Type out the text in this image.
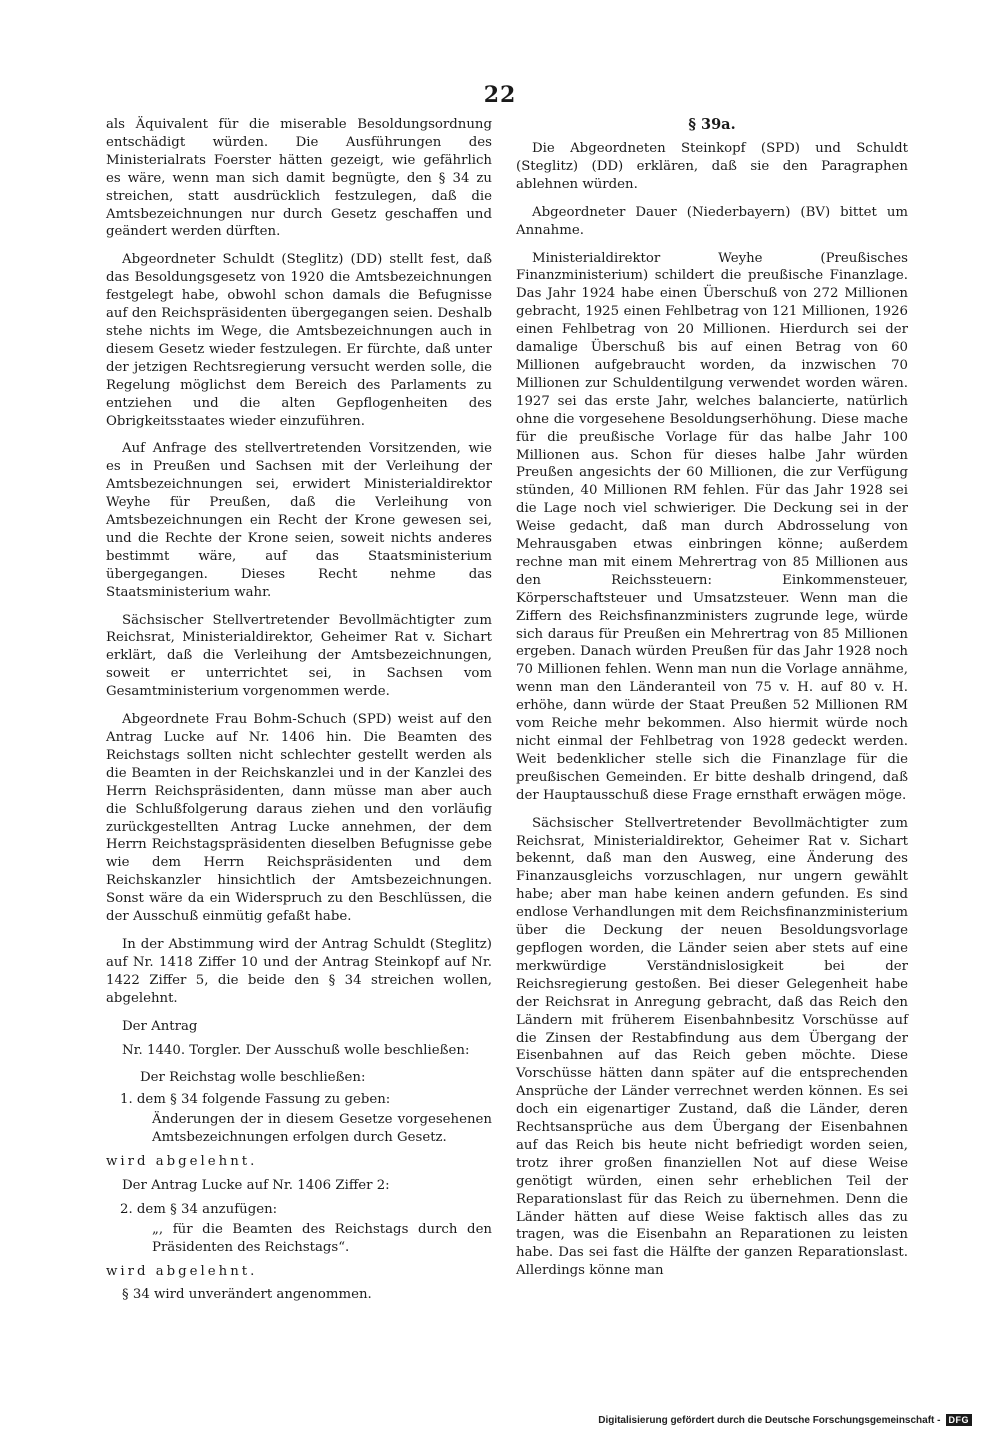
22

als Äquivalent für die miserable Besoldungsordnung entschädigt würden. Die Ausführungen des Ministerialrats Foerster hätten gezeigt, wie gefährlich es wäre, wenn man sich damit begnügte, den § 34 zu streichen, statt ausdrücklich festzulegen, daß die Amtsbezeichnungen nur durch Gesetz geschaffen und geändert werden dürften.

Abgeordneter Schuldt (Steglitz) (DD) stellt fest, daß das Besoldungsgesetz von 1920 die Amtsbezeichnungen festgelegt habe, obwohl schon damals die Befugnisse auf den Reichspräsidenten übergegangen seien. Deshalb stehe nichts im Wege, die Amtsbezeichnungen auch in diesem Gesetz wieder festzulegen. Er fürchte, daß unter der jetzigen Rechtsregierung versucht werden solle, die Regelung möglichst dem Bereich des Parlaments zu entziehen und die alten Gepflogenheiten des Obrigkeitsstaates wieder einzuführen.

Auf Anfrage des stellvertretenden Vorsitzenden, wie es in Preußen und Sachsen mit der Verleihung der Amtsbezeichnungen sei, erwidert Ministerialdirektor Weyhe für Preußen, daß die Verleihung von Amtsbezeichnungen ein Recht der Krone gewesen sei, und die Rechte der Krone seien, soweit nichts anderes bestimmt wäre, auf das Staatsministerium übergegangen. Dieses Recht nehme das Staatsministerium wahr.

Sächsischer Stellvertretender Bevollmächtigter zum Reichsrat, Ministerialdirektor, Geheimer Rat v. Sichart erklärt, daß die Verleihung der Amtsbezeichnungen, soweit er unterrichtet sei, in Sachsen vom Gesamtministerium vorgenommen werde.

Abgeordnete Frau Bohm-Schuch (SPD) weist auf den Antrag Lucke auf Nr. 1406 hin. Die Beamten des Reichstags sollten nicht schlechter gestellt werden als die Beamten in der Reichskanzlei und in der Kanzlei des Herrn Reichspräsidenten, dann müsse man aber auch die Schlußfolgerung daraus ziehen und den vorläufig zurückgestellten Antrag Lucke annehmen, der dem Herrn Reichstagspräsidenten dieselben Befugnisse gebe wie dem Herrn Reichspräsidenten und dem Reichskanzler hinsichtlich der Amtsbezeichnungen. Sonst wäre da ein Widerspruch zu den Beschlüssen, die der Ausschuß einmütig gefaßt habe.

In der Abstimmung wird der Antrag Schuldt (Steglitz) auf Nr. 1418 Ziffer 10 und der Antrag Steinkopf auf Nr. 1422 Ziffer 5, die beide den § 34 streichen wollen, abgelehnt.

Der Antrag

Nr. 1440. Torgler. Der Ausschuß wolle beschließen:

Der Reichstag wolle beschließen:

1. dem § 34 folgende Fassung zu geben:

Änderungen der in diesem Gesetze vorgesehenen Amtsbezeichnungen erfolgen durch Gesetz.

wird abgelehnt.

Der Antrag Lucke auf Nr. 1406 Ziffer 2:

2. dem § 34 anzufügen:

„, für die Beamten des Reichstags durch den Präsidenten des Reichstags“.

wird abgelehnt.

§ 34 wird unverändert angenommen.

§ 39a.

Die Abgeordneten Steinkopf (SPD) und Schuldt (Steglitz) (DD) erklären, daß sie den Paragraphen ablehnen würden.

Abgeordneter Dauer (Niederbayern) (BV) bittet um Annahme.

Ministerialdirektor Weyhe (Preußisches Finanzministerium) schildert die preußische Finanzlage. Das Jahr 1924 habe einen Überschuß von 272 Millionen gebracht, 1925 einen Fehlbetrag von 121 Millionen, 1926 einen Fehlbetrag von 20 Millionen. Hierdurch sei der damalige Überschuß bis auf einen Betrag von 60 Millionen aufgebraucht worden, da inzwischen 70 Millionen zur Schuldentilgung verwendet worden wären. 1927 sei das erste Jahr, welches balancierte, natürlich ohne die vorgesehene Besoldungserhöhung. Diese mache für die preußische Vorlage für das halbe Jahr 100 Millionen aus. Schon für dieses halbe Jahr würden Preußen angesichts der 60 Millionen, die zur Verfügung stünden, 40 Millionen RM fehlen. Für das Jahr 1928 sei die Lage noch viel schwieriger. Die Deckung sei in der Weise gedacht, daß man durch Abdrosselung von Mehrausgaben etwas einbringen könne; außerdem rechne man mit einem Mehrertrag von 85 Millionen aus den Reichssteuern: Einkommensteuer, Körperschaftsteuer und Umsatzsteuer. Wenn man die Ziffern des Reichsfinanzministers zugrunde lege, würde sich daraus für Preußen ein Mehrertrag von 85 Millionen ergeben. Danach würden Preußen für das Jahr 1928 noch 70 Millionen fehlen. Wenn man nun die Vorlage annähme, wenn man den Länderanteil von 75 v. H. auf 80 v. H. erhöhe, dann würde der Staat Preußen 52 Millionen RM vom Reiche mehr bekommen. Also hiermit würde noch nicht einmal der Fehlbetrag von 1928 gedeckt werden. Weit bedenklicher stelle sich die Finanzlage für die preußischen Gemeinden. Er bitte deshalb dringend, daß der Hauptausschuß diese Frage ernsthaft erwägen möge.

Sächsischer Stellvertretender Bevollmächtigter zum Reichsrat, Ministerialdirektor, Geheimer Rat v. Sichart bekennt, daß man den Ausweg, eine Änderung des Finanzausgleichs vorzuschlagen, nur ungern gewählt habe; aber man habe keinen andern gefunden. Es sind endlose Verhandlungen mit dem Reichsfinanzministerium über die Deckung der neuen Besoldungsvorlage gepflogen worden, die Länder seien aber stets auf eine merkwürdige Verständnislosigkeit bei der Reichsregierung gestoßen. Bei dieser Gelegenheit habe der Reichsrat in Anregung gebracht, daß das Reich den Ländern mit früherem Eisenbahnbesitz Vorschüsse auf die Zinsen der Restabfindung aus dem Übergang der Eisenbahnen auf das Reich geben möchte. Diese Vorschüsse hätten dann später auf die entsprechenden Ansprüche der Länder verrechnet werden können. Es sei doch ein eigenartiger Zustand, daß die Länder, deren Rechtsansprüche aus dem Übergang der Eisenbahnen auf das Reich bis heute nicht befriedigt worden seien, trotz ihrer großen finanziellen Not auf diese Weise genötigt würden, einen sehr erheblichen Teil der Reparationslast für das Reich zu übernehmen. Denn die Länder hätten auf diese Weise faktisch alles das zu tragen, was die Eisenbahn an Reparationen zu leisten habe. Das sei fast die Hälfte der ganzen Reparationslast. Allerdings könne man

Digitalisierung gefördert durch die Deutsche Forschungsgemeinschaft - DFG
